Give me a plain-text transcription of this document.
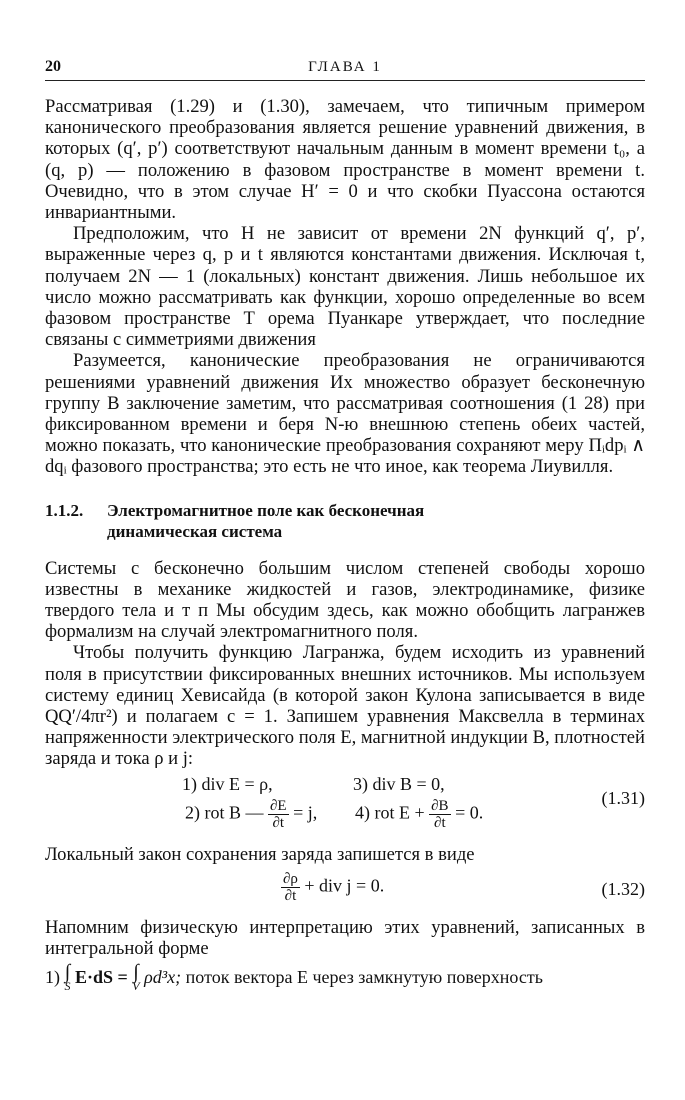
20	ГЛАВА 1

Рассматривая (1.29) и (1.30), замечаем, что типичным примером канонического преобразования является решение уравнений движения, в которых (q′, p′) соответствуют начальным данным в момент времени t₀, а (q, p) — положению в фазовом пространстве в момент времени t. Очевидно, что в этом случае H′ = 0 и что скобки Пуассона остаются инвариантными.

Предположим, что H не зависит от времени 2N функций q′, p′, выраженные через q, p и t являются константами движения. Исключая t, получаем 2N — 1 (локальных) констант движения. Лишь небольшое их число можно рассматривать как функции, хорошо определенные во всем фазовом пространстве Т орема Пуанкаре утверждает, что последние связаны с симметриями движения

Разумеется, канонические преобразования не ограничиваются решениями уравнений движения Их множество образует бесконечную группу В заключение заметим, что рассматривая соотношения (1 28) при фиксированном времени и беря N-ю внешнюю степень обеих частей, можно показать, что канонические преобразования сохраняют меру Πᵢdpᵢ ∧ dqᵢ фазового пространства; это есть не что иное, как теорема Лиувилля.

1.1.2. Электромагнитное поле как бесконечная
динамическая система

Системы с бесконечно большим числом степеней свободы хорошо известны в механике жидкостей и газов, электродинамике, физике твердого тела и т п Мы обсудим здесь, как можно обобщить лагранжев формализм на случай электромагнитного поля.

Чтобы получить функцию Лагранжа, будем исходить из уравнений поля в присутствии фиксированных внешних источников. Мы используем систему единиц Хевисайда (в которой закон Кулона записывается в виде QQ′/4πr²) и полагаем c = 1. Запишем уравнения Максвелла в терминах напряженности электрического поля E, магнитной индукции B, плотностей заряда и тока ρ и j:

1) div E = ρ,	3) div B = 0,
2) rot B — $\frac{\partial E}{\partial t} = j$, 4) rot $E + \frac{\partial B}{\partial t} = 0$.
(1.31)

Локальный закон сохранения заряда запишется в виде

$\frac{\partial\rho}{\partial t}$ + div j = 0.	(1.32)

Напомним физическую интерпретацию этих уравнений, записанных в интегральной форме

1) ∫
S E·dS = ∫
V ρd³x; поток вектора E через замкнутую поверхность
